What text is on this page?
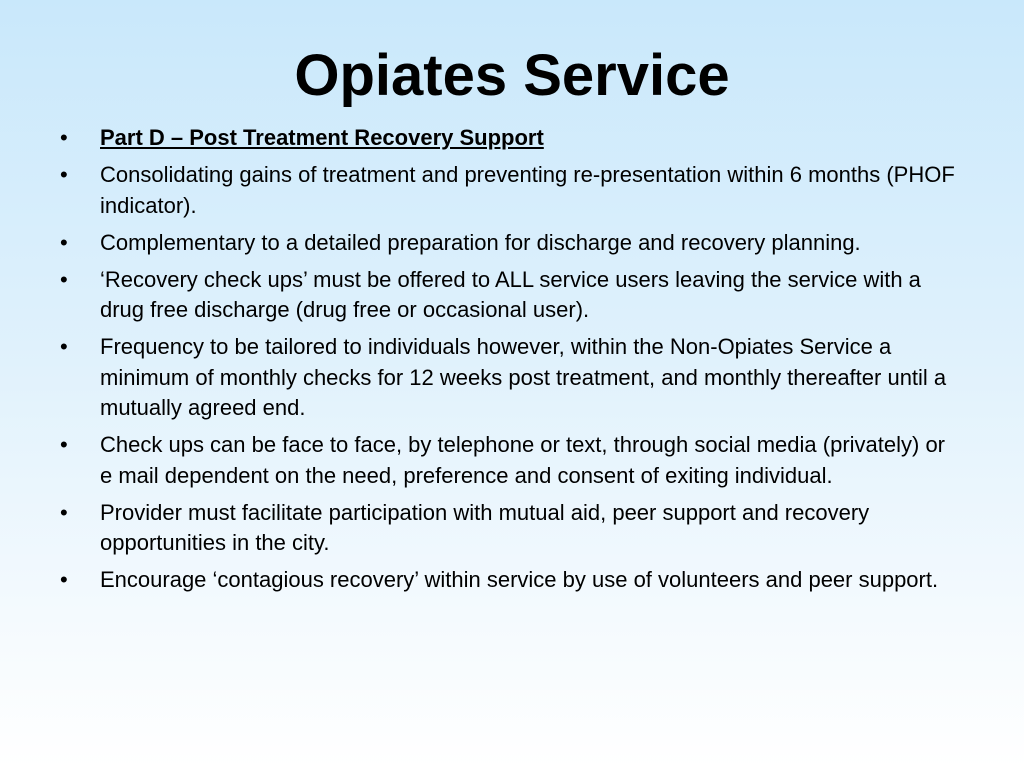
Opiates Service
•	Part D – Post Treatment Recovery Support
•	Consolidating gains of treatment and preventing re-presentation within 6 months (PHOF indicator).
•	Complementary to a detailed preparation for discharge and recovery planning.
•	‘Recovery check ups’ must be offered to ALL service users leaving the service with a drug free discharge (drug free or occasional user).
•	Frequency to be tailored to individuals however, within the Non-Opiates Service a minimum of monthly checks for 12 weeks post treatment, and monthly thereafter until a mutually agreed end.
•	Check ups can be face to face, by telephone or text, through social media (privately) or e mail dependent on the need, preference and consent of exiting individual.
•	Provider must facilitate participation with mutual aid, peer support and recovery opportunities in the city.
•	Encourage ‘contagious recovery’ within service by use of volunteers and peer support.
